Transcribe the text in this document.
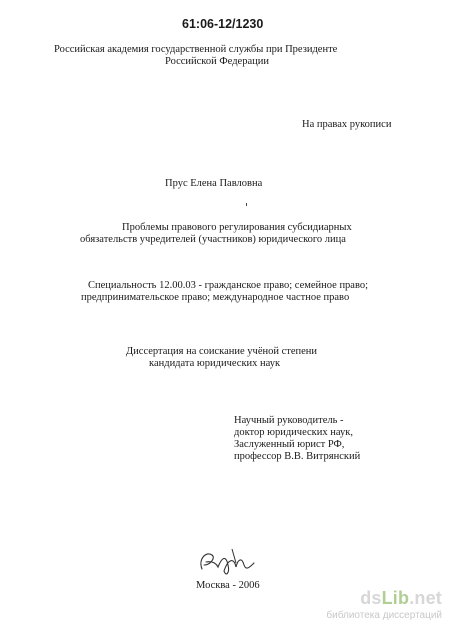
61:06-12/1230

Российская академия государственной службы при Президенте

Российской Федерации

На правах рукописи

Прус Елена Павловна

Проблемы правового регулирования субсидиарных

обязательств учредителей (участников) юридического лица

Специальность 12.00.03 - гражданское право; семейное право;

предпринимательское право; международное частное право

Диссертация на соискание учёной степени

кандидата юридических наук

Научный руководитель -

доктор юридических наук,

Заслуженный юрист РФ,

профессор В.В. Витрянский

Москва - 2006

dsLib.net
библиотека диссертаций
